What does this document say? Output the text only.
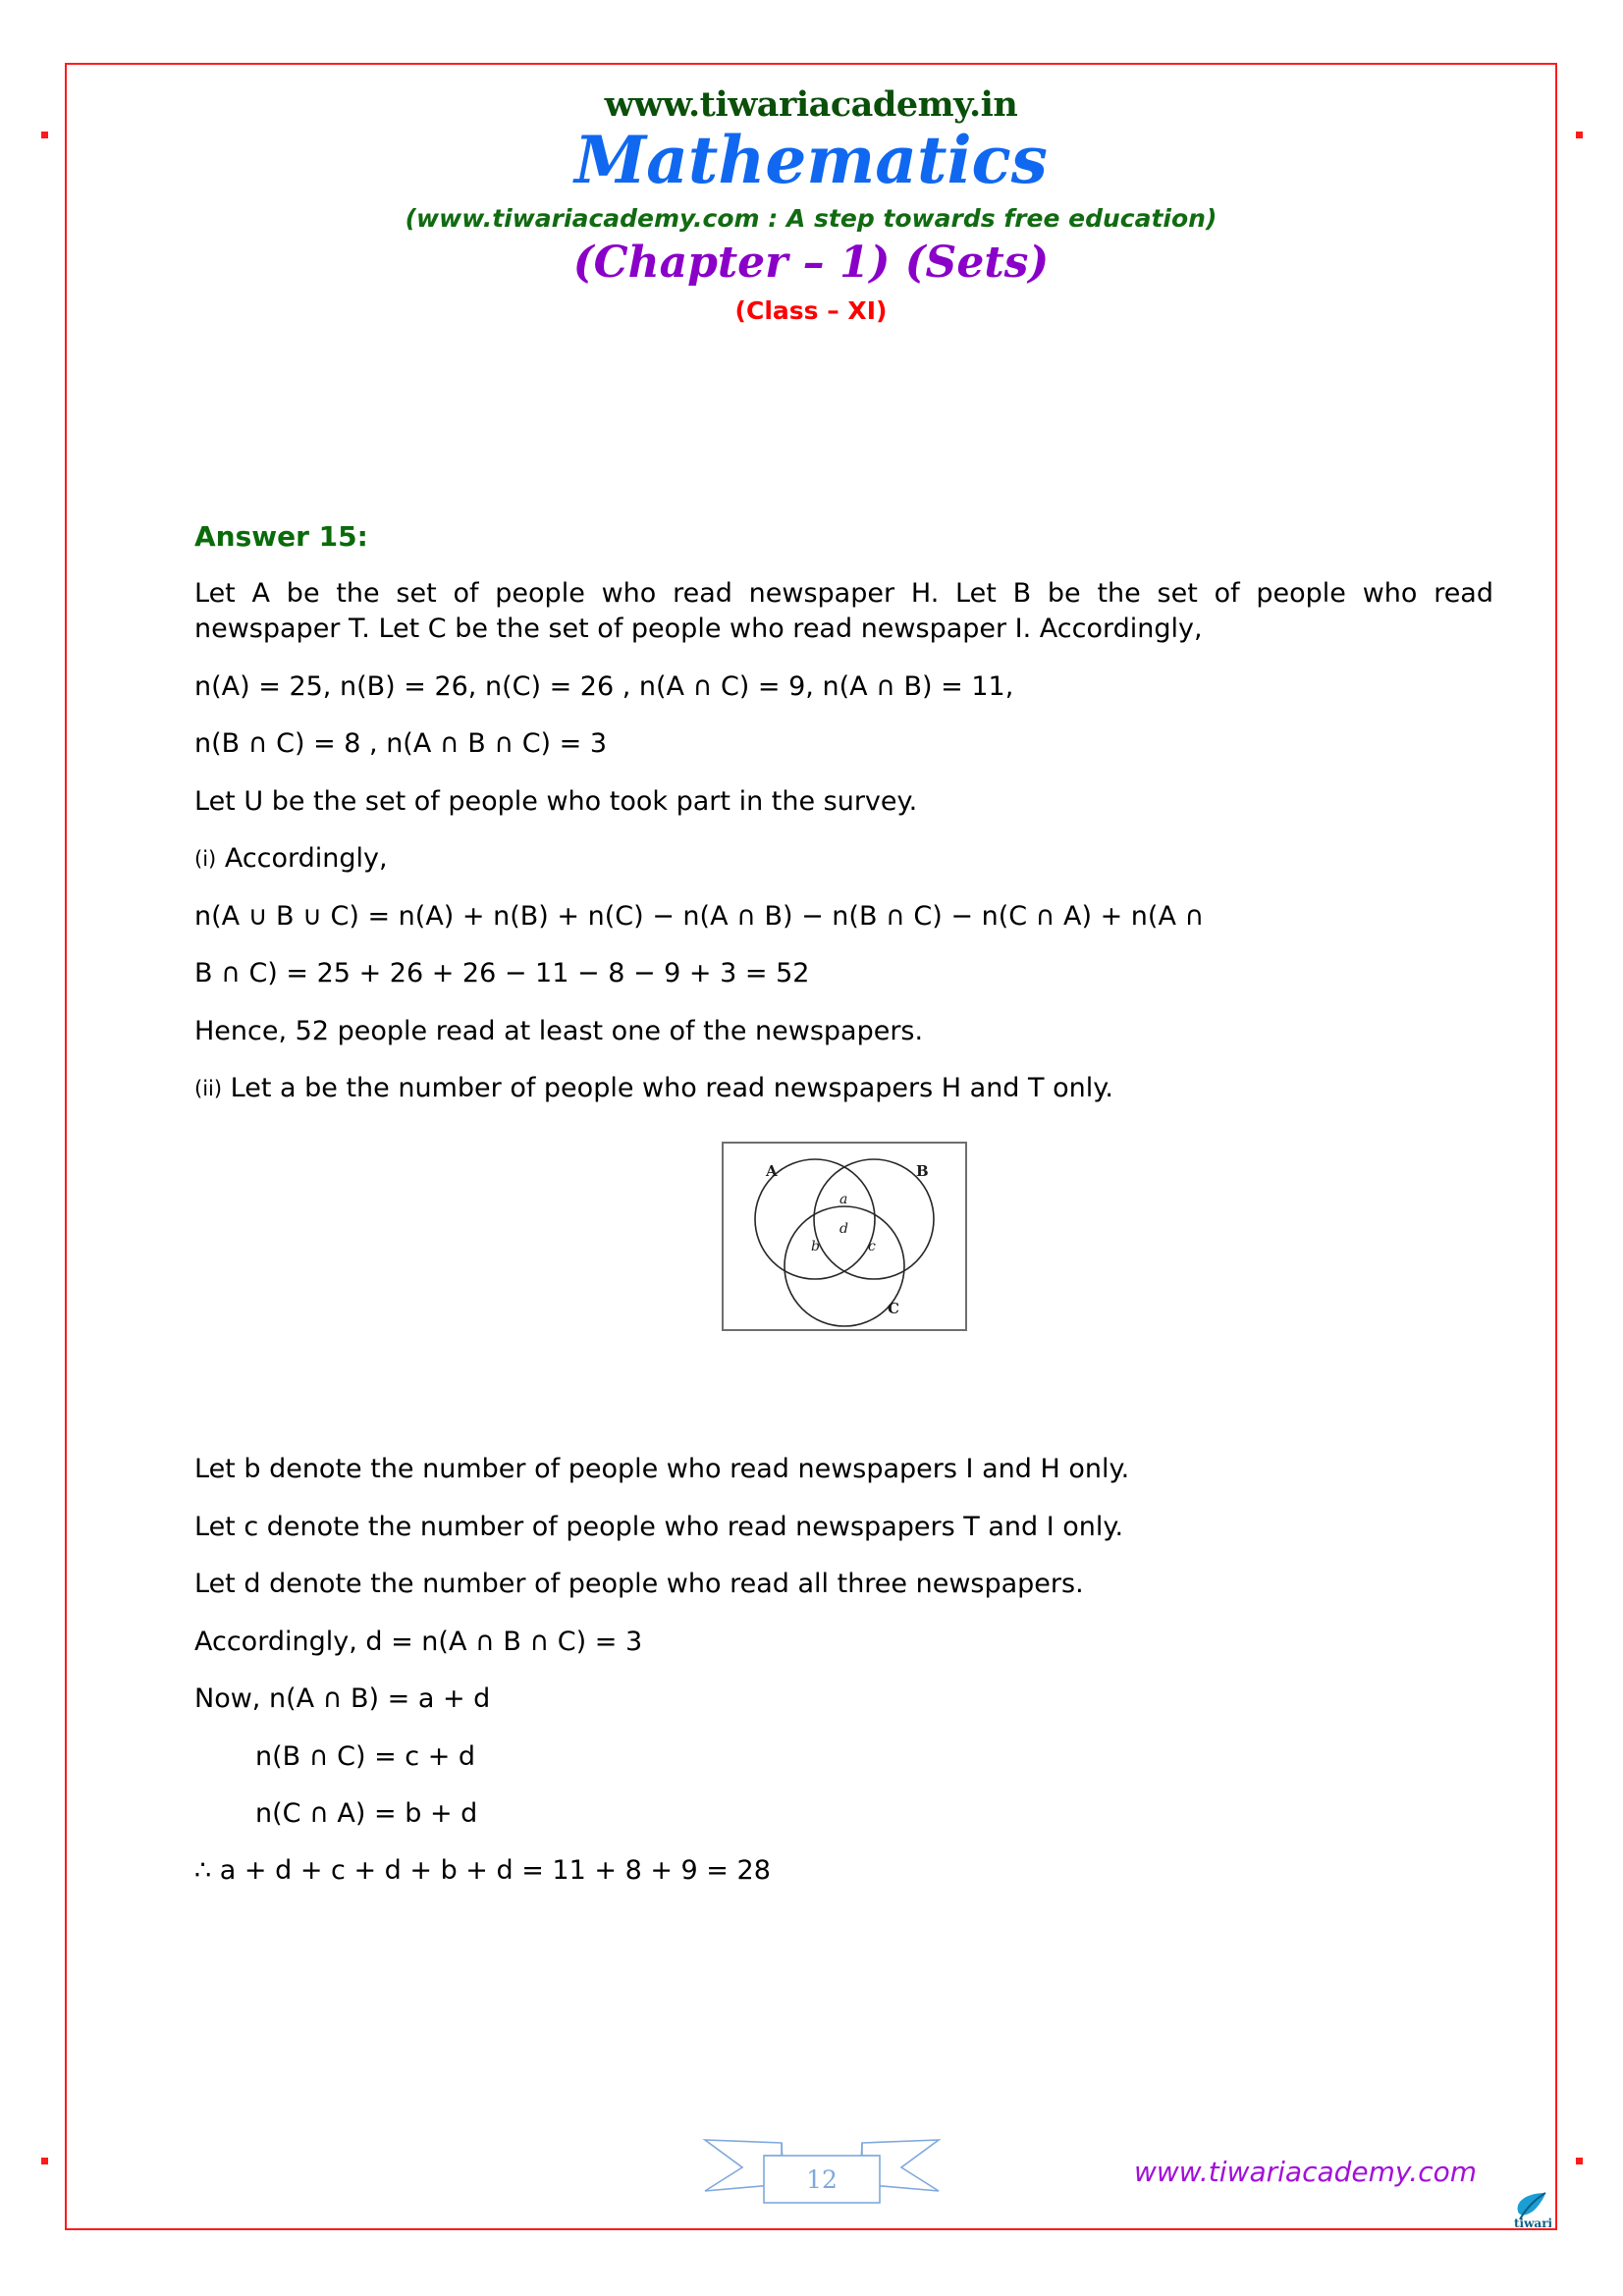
www.tiwariacademy.in
Mathematics
(www.tiwariacademy.com : A step towards free education)
(Chapter – 1) (Sets)
(Class – XI)
Answer 15:

Let A be the set of people who read newspaper H. Let B be the set of people who read newspaper T. Let C be the set of people who read newspaper I. Accordingly,

n(A) = 25, n(B) = 26, n(C) = 26 , n(A ∩ C) = 9, n(A ∩ B) = 11,

n(B ∩ C) = 8 , n(A ∩ B ∩ C) = 3

Let U be the set of people who took part in the survey.

(i) Accordingly,

n(A ∪ B ∪ C) = n(A) + n(B) + n(C) − n(A ∩ B) − n(B ∩ C) − n(C ∩ A) + n(A ∩

B ∩ C) = 25 + 26 + 26 − 11 − 8 − 9 + 3 = 52

Hence, 52 people read at least one of the newspapers.

(ii) Let a be the number of people who read newspapers H and T only.

A	B
C
a
d
b	c

Let b denote the number of people who read newspapers I and H only.

Let c denote the number of people who read newspapers T and I only.

Let d denote the number of people who read all three newspapers.

Accordingly, d = n(A ∩ B ∩ C) = 3

Now, n(A ∩ B) = a + d

n(B ∩ C) = c + d

n(C ∩ A) = b + d

∴ a + d + c + d + b + d = 11 + 8 + 9 = 28

12	www.tiwariacademy.com
tiwari
